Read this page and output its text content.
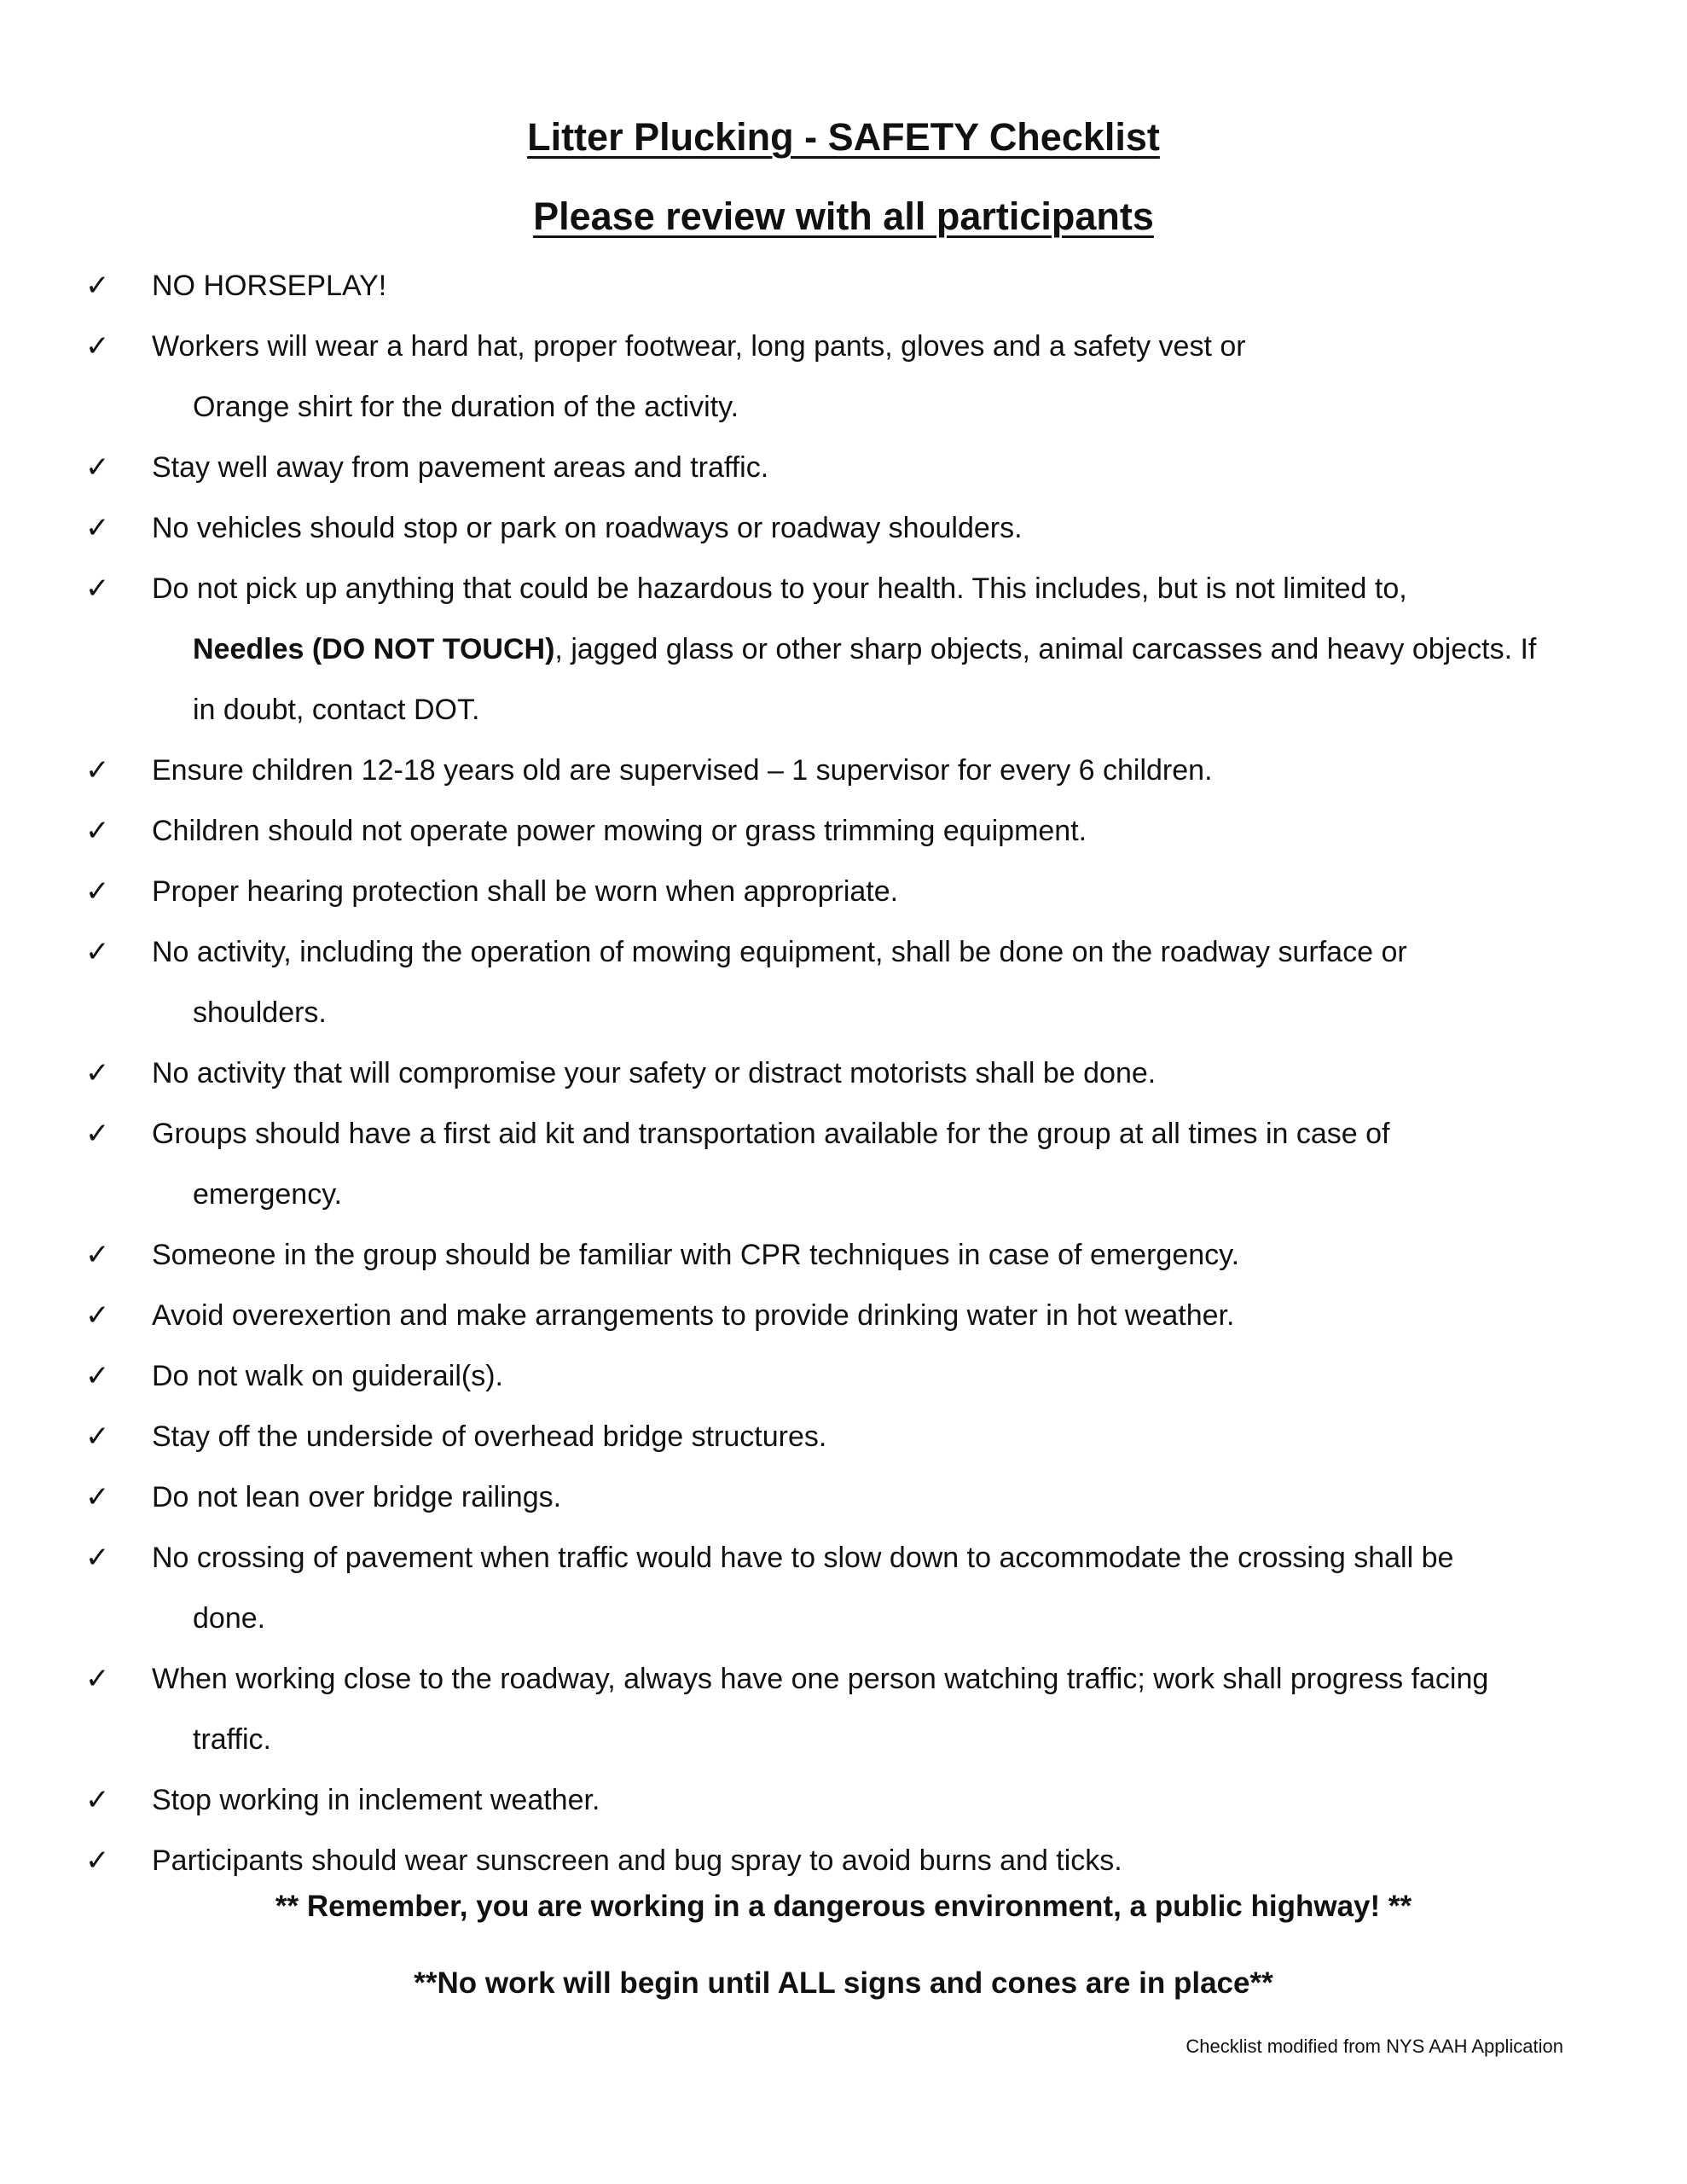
Litter Plucking - SAFETY Checklist
Please review with all participants
✓	NO HORSEPLAY!
✓	Workers will wear a hard hat, proper footwear, long pants, gloves and a safety vest or
Orange shirt for the duration of the activity.
✓	Stay well away from pavement areas and traffic.
✓	No vehicles should stop or park on roadways or roadway shoulders.
✓	Do not pick up anything that could be hazardous to your health. This includes, but is not limited to,
Needles (DO NOT TOUCH), jagged glass or other sharp objects, animal carcasses and heavy objects. If
in doubt, contact DOT.
✓	Ensure children 12-18 years old are supervised – 1 supervisor for every 6 children.
✓	Children should not operate power mowing or grass trimming equipment.
✓	Proper hearing protection shall be worn when appropriate.
✓	No activity, including the operation of mowing equipment, shall be done on the roadway surface or
shoulders.
✓	No activity that will compromise your safety or distract motorists shall be done.
✓	Groups should have a first aid kit and transportation available for the group at all times in case of
emergency.
✓	Someone in the group should be familiar with CPR techniques in case of emergency.
✓	Avoid overexertion and make arrangements to provide drinking water in hot weather.
✓	Do not walk on guiderail(s).
✓	Stay off the underside of overhead bridge structures.
✓	Do not lean over bridge railings.
✓	No crossing of pavement when traffic would have to slow down to accommodate the crossing shall be
done.
✓	When working close to the roadway, always have one person watching traffic; work shall progress facing
traffic.
✓	Stop working in inclement weather.
✓	Participants should wear sunscreen and bug spray to avoid burns and ticks.
** Remember, you are working in a dangerous environment, a public highway! **
**No work will begin until ALL signs and cones are in place**
Checklist modified from NYS AAH Application
